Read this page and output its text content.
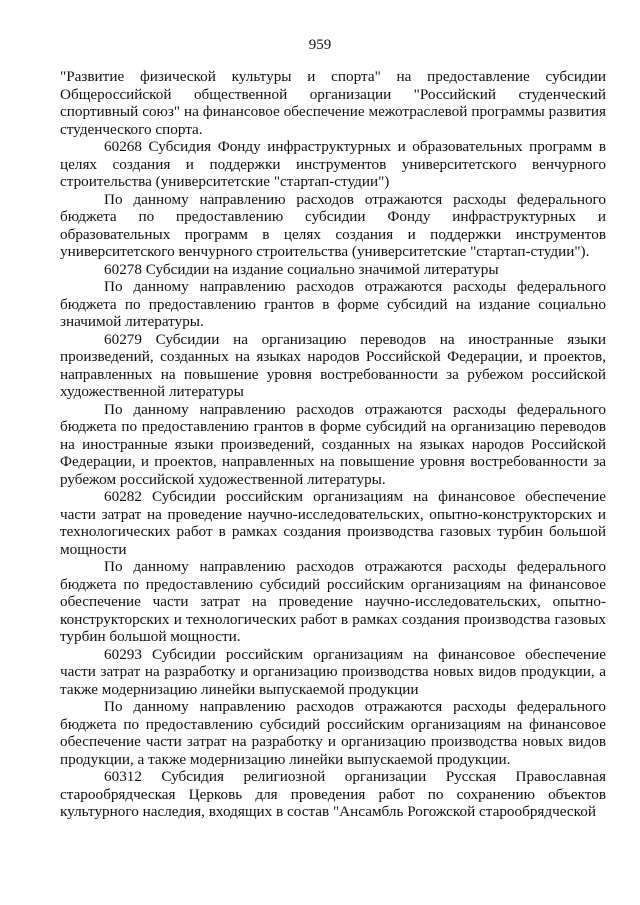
959

"Развитие физической культуры и спорта" на предоставление субсидии Общероссийской общественной организации "Российский студенческий спортивный союз" на финансовое обеспечение межотраслевой программы развития студенческого спорта.

60268 Субсидия Фонду инфраструктурных и образовательных программ в целях создания и поддержки инструментов университетского венчурного строительства (университетские "стартап-студии")

По данному направлению расходов отражаются расходы федерального бюджета по предоставлению субсидии Фонду инфраструктурных и образовательных программ в целях создания и поддержки инструментов университетского венчурного строительства (университетские "стартап-студии").

60278 Субсидии на издание социально значимой литературы

По данному направлению расходов отражаются расходы федерального бюджета по предоставлению грантов в форме субсидий на издание социально значимой литературы.

60279 Субсидии на организацию переводов на иностранные языки произведений, созданных на языках народов Российской Федерации, и проектов, направленных на повышение уровня востребованности за рубежом российской художественной литературы

По данному направлению расходов отражаются расходы федерального бюджета по предоставлению грантов в форме субсидий на организацию переводов на иностранные языки произведений, созданных на языках народов Российской Федерации, и проектов, направленных на повышение уровня востребованности за рубежом российской художественной литературы.

60282 Субсидии российским организациям на финансовое обеспечение части затрат на проведение научно-исследовательских, опытно-конструкторских и технологических работ в рамках создания производства газовых турбин большой мощности

По данному направлению расходов отражаются расходы федерального бюджета по предоставлению субсидий российским организациям на финансовое обеспечение части затрат на проведение научно-исследовательских, опытно-конструкторских и технологических работ в рамках создания производства газовых турбин большой мощности.

60293 Субсидии российским организациям на финансовое обеспечение части затрат на разработку и организацию производства новых видов продукции, а также модернизацию линейки выпускаемой продукции

По данному направлению расходов отражаются расходы федерального бюджета по предоставлению субсидий российским организациям на финансовое обеспечение части затрат на разработку и организацию производства новых видов продукции, а также модернизацию линейки выпускаемой продукции.

60312 Субсидия религиозной организации Русская Православная старообрядческая Церковь для проведения работ по сохранению объектов культурного наследия, входящих в состав "Ансамбль Рогожской старообрядческой
